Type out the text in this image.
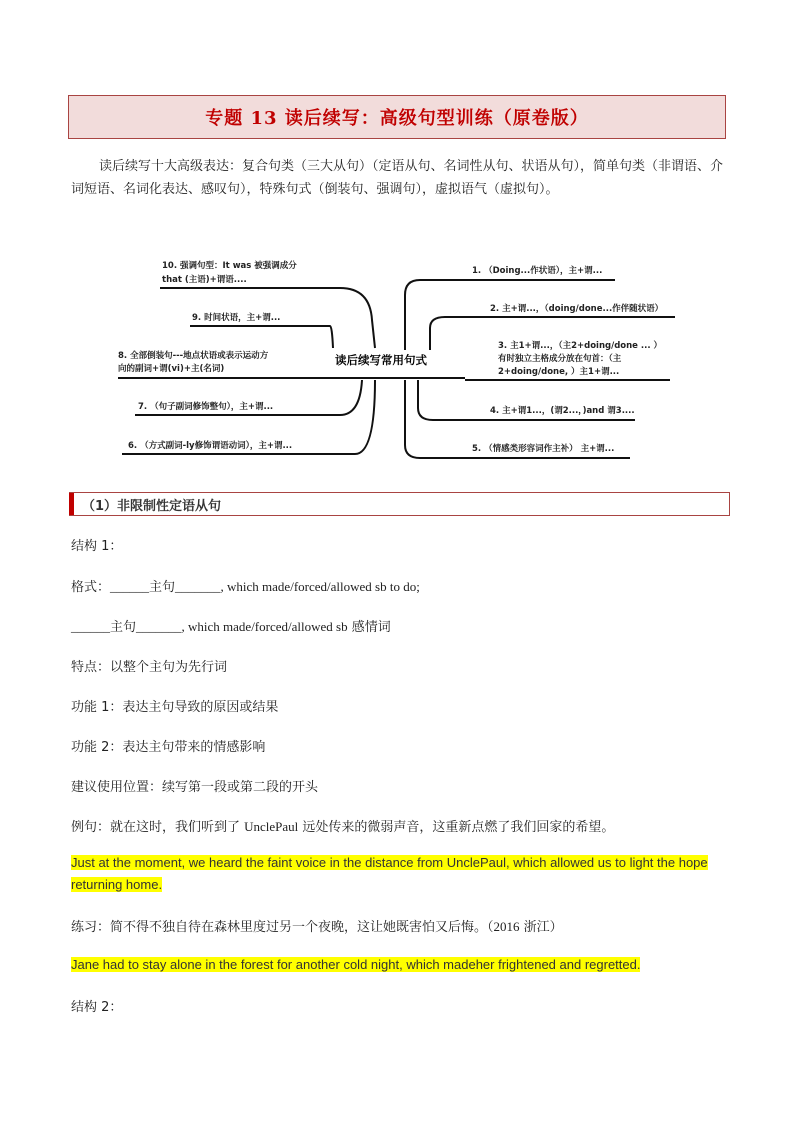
专题 13 读后续写：高级句型训练（原卷版）
读后续写十大高级表达：复合句类（三大从句）（定语从句、名词性从句、状语从句），简单句类（非谓语、介词短语、名词化表达、感叹句），特殊句式（倒装句、强调句），虚拟语气（虚拟句）。
读后续写常用句式
10. 强调句型：It was 被强调成分
that (主语)+谓语....
9. 时间状语，主+谓...
8. 全部倒装句---地点状语或表示运动方
向的副词+谓(vi)+主(名词)
7. （句子副词修饰整句），主+谓...
6. （方式副词-ly修饰谓语动词），主+谓...
1. （Doing...作状语），主+谓...
2. 主+谓...，（doing/done...作伴随状语）
3. 主1+谓...，（主2+doing/done ... ）
有时独立主格成分放在句首：（主
2+doing/done, ）主1+谓...
4. 主+谓1...，(谓2...，)and 谓3....
5. （情感类形容词作主补） 主+谓...
（1）非限制性定语从句
结构 1：
格式：______主句_______, which made/forced/allowed sb to do;
______主句_______, which made/forced/allowed sb 感情词
特点：以整个主句为先行词
功能 1：表达主句导致的原因或结果
功能 2：表达主句带来的情感影响
建议使用位置：续写第一段或第二段的开头
例句：就在这时，我们听到了 UnclePaul 远处传来的微弱声音，这重新点燃了我们回家的希望。
Just at the moment, we heard the faint voice in the distance from UnclePaul, which allowed us to light the hope returning home.
练习：简不得不独自待在森林里度过另一个夜晚，这让她既害怕又后悔。（2016 浙江）
Jane had to stay alone in the forest for another cold night, which madeher frightened and regretted.
结构 2：
